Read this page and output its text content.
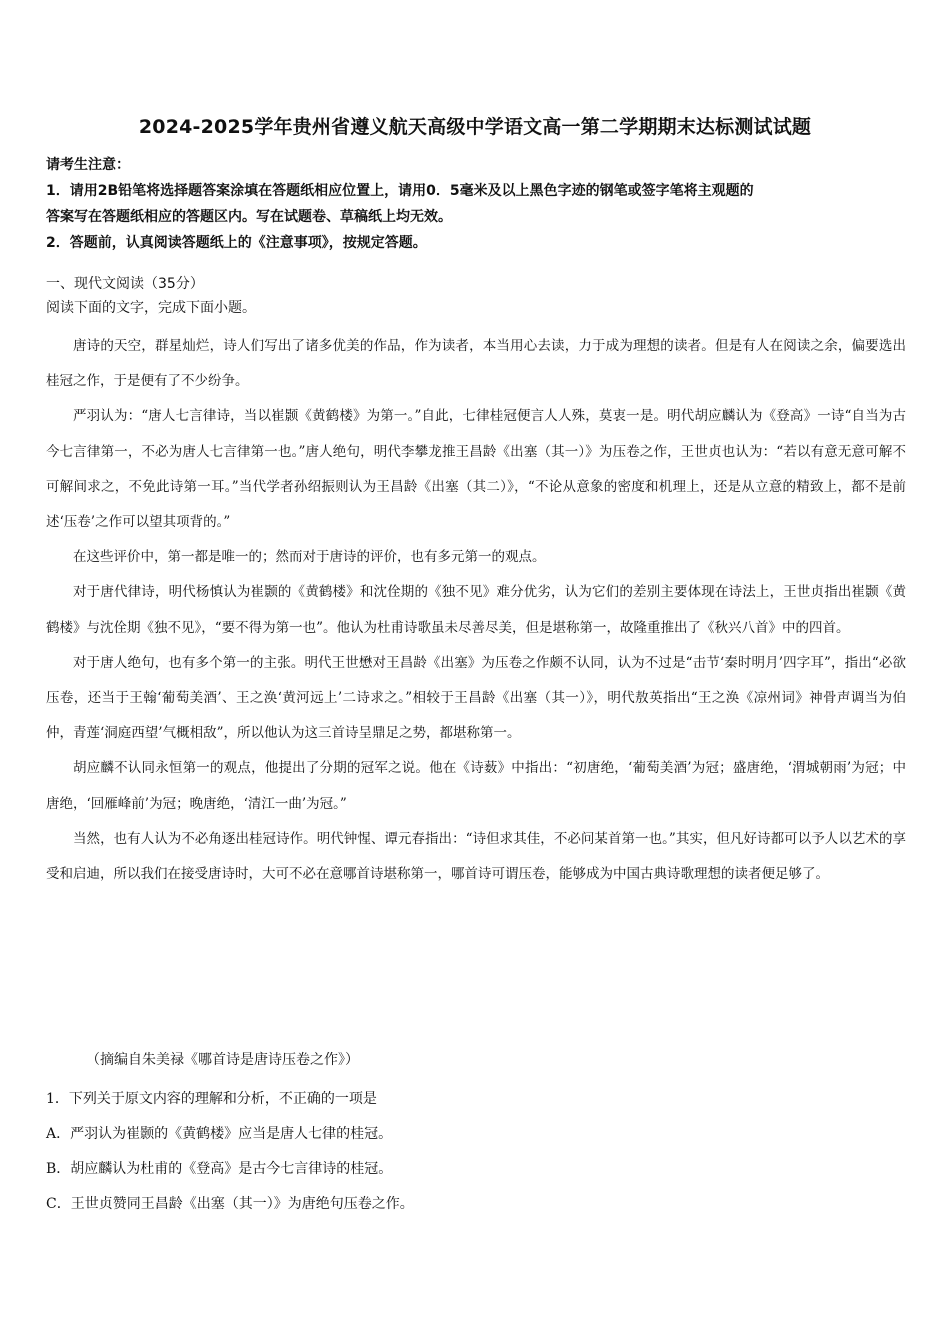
2024-2025学年贵州省遵义航天高级中学语文高一第二学期期末达标测试试题
请考生注意：
1．请用2B铅笔将选择题答案涂填在答题纸相应位置上，请用0．5毫米及以上黑色字迹的钢笔或签字笔将主观题的
答案写在答题纸相应的答题区内。写在试题卷、草稿纸上均无效。
2．答题前，认真阅读答题纸上的《注意事项》，按规定答题。
一、现代文阅读（35分）
阅读下面的文字，完成下面小题。

唐诗的天空，群星灿烂，诗人们写出了诸多优美的作品，作为读者，本当用心去读，力于成为理想的读者。但是有人在阅读之余，偏要选出桂冠之作，于是便有了不少纷争。

严羽认为：“唐人七言律诗，当以崔颢《黄鹤楼》为第一。”自此，七律桂冠便言人人殊，莫衷一是。明代胡应麟认为《登高》一诗“自当为古今七言律第一，不必为唐人七言律第一也。”唐人绝句，明代李攀龙推王昌龄《出塞（其一）》为压卷之作，王世贞也认为：“若以有意无意可解不可解间求之，不免此诗第一耳。”当代学者孙绍振则认为王昌龄《出塞（其二）》，“不论从意象的密度和机理上，还是从立意的精致上，都不是前述‘压卷’之作可以望其项背的。”

在这些评价中，第一都是唯一的；然而对于唐诗的评价，也有多元第一的观点。

对于唐代律诗，明代杨慎认为崔颢的《黄鹤楼》和沈佺期的《独不见》难分优劣，认为它们的差别主要体现在诗法上，王世贞指出崔颢《黄鹤楼》与沈佺期《独不见》，“要不得为第一也”。他认为杜甫诗歌虽未尽善尽美，但是堪称第一，故隆重推出了《秋兴八首》中的四首。

对于唐人绝句，也有多个第一的主张。明代王世懋对王昌龄《出塞》为压卷之作颇不认同，认为不过是“击节‘秦时明月’四字耳”，指出“必欲压卷，还当于王翰‘葡萄美酒’、王之涣‘黄河远上’二诗求之。”相较于王昌龄《出塞（其一）》，明代敖英指出“王之涣《凉州词》神骨声调当为伯仲，青莲‘洞庭西望’气概相敌”，所以他认为这三首诗呈鼎足之势，都堪称第一。

胡应麟不认同永恒第一的观点，他提出了分期的冠军之说。他在《诗薮》中指出：“初唐绝，‘葡萄美酒’为冠；盛唐绝，‘渭城朝雨’为冠；中唐绝，‘回雁峰前’为冠；晚唐绝，‘清江一曲’为冠。”

当然，也有人认为不必角逐出桂冠诗作。明代钟惺、谭元春指出：“诗但求其佳，不必问某首第一也。”其实，但凡好诗都可以予人以艺术的享受和启迪，所以我们在接受唐诗时，大可不必在意哪首诗堪称第一，哪首诗可谓压卷，能够成为中国古典诗歌理想的读者便足够了。

（摘编自朱美禄《哪首诗是唐诗压卷之作》）
1．下列关于原文内容的理解和分析，不正确的一项是
A．严羽认为崔颢的《黄鹤楼》应当是唐人七律的桂冠。
B．胡应麟认为杜甫的《登高》是古今七言律诗的桂冠。
C．王世贞赞同王昌龄《出塞（其一）》为唐绝句压卷之作。
